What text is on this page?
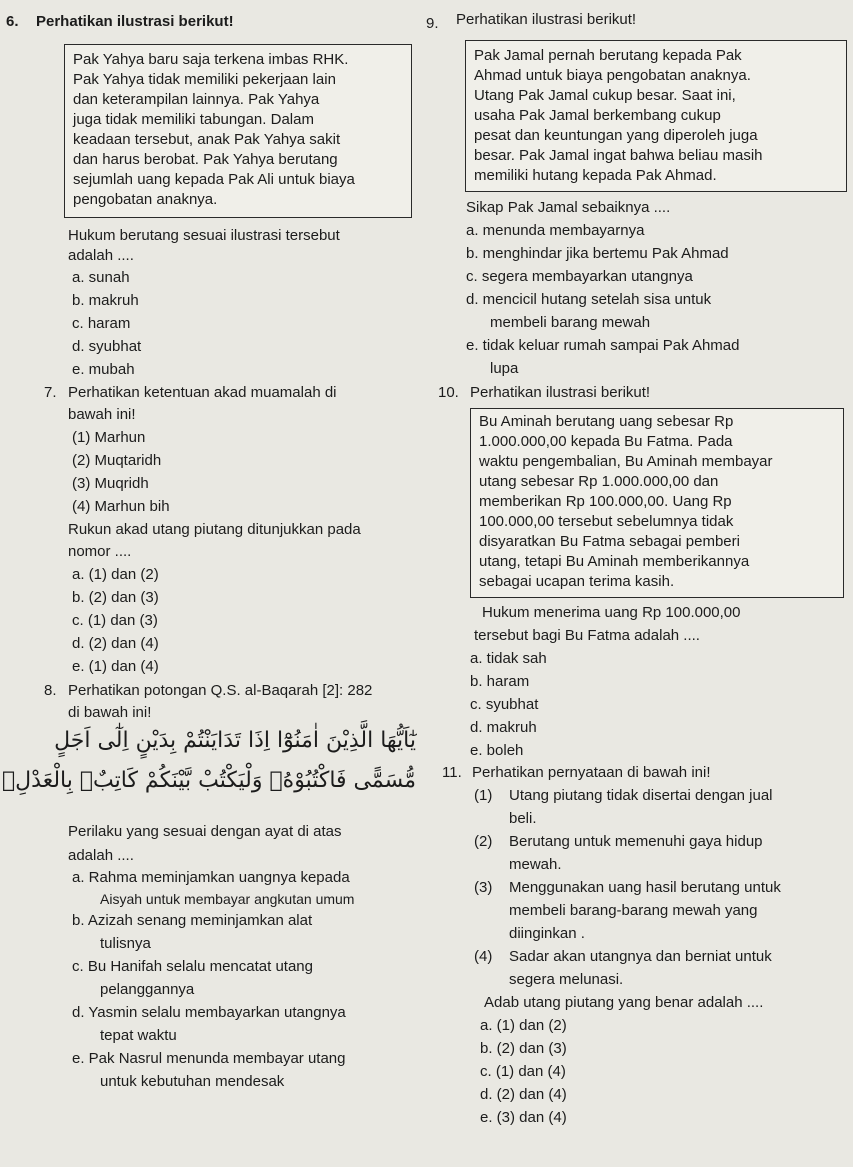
6. Perhatikan ilustrasi berikut!
Pak Yahya baru saja terkena imbas RHK.
Pak Yahya tidak memiliki pekerjaan lain
dan keterampilan lainnya. Pak Yahya
juga tidak memiliki tabungan. Dalam
keadaan tersebut, anak Pak Yahya sakit
dan harus berobat. Pak Yahya berutang
sejumlah uang kepada Pak Ali untuk biaya
pengobatan anaknya.
Hukum berutang sesuai ilustrasi tersebut
adalah ....
a. sunah
b. makruh
c. haram
d. syubhat
e. mubah
7. Perhatikan ketentuan akad muamalah di
bawah ini!
(1) Marhun
(2) Muqtaridh
(3) Muqridh
(4) Marhun bih
Rukun akad utang piutang ditunjukkan pada
nomor ....
a. (1) dan (2)
b. (2) dan (3)
c. (1) dan (3)
d. (2) dan (4)
e. (1) dan (4)
8. Perhatikan potongan Q.S. al-Baqarah [2]: 282
di bawah ini!
يٰٓاَيُّهَا الَّذِيْنَ اٰمَنُوْٓا اِذَا تَدَايَنْتُمْ بِدَيْنٍ اِلٰٓى اَجَلٍ
مُّسَمًّى فَاكْتُبُوْهُۗ وَلْيَكْتُبْ بَّيْنَكُمْ كَاتِبٌۢ بِالْعَدْلِۖ
Perilaku yang sesuai dengan ayat di atas
adalah ....
a. Rahma meminjamkan uangnya kepada
Aisyah untuk membayar angkutan umum
b. Azizah senang meminjamkan alat
tulisnya
c. Bu Hanifah selalu mencatat utang
pelanggannya
d. Yasmin selalu membayarkan utangnya
tepat waktu
e. Pak Nasrul menunda membayar utang
untuk kebutuhan mendesak
9. Perhatikan ilustrasi berikut!
Pak Jamal pernah berutang kepada Pak
Ahmad untuk biaya pengobatan anaknya.
Utang Pak Jamal cukup besar. Saat ini,
usaha Pak Jamal berkembang cukup
pesat dan keuntungan yang diperoleh juga
besar. Pak Jamal ingat bahwa beliau masih
memiliki hutang kepada Pak Ahmad.
Sikap Pak Jamal sebaiknya ....
a. menunda membayarnya
b. menghindar jika bertemu Pak Ahmad
c. segera membayarkan utangnya
d. mencicil hutang setelah sisa untuk
membeli barang mewah
e. tidak keluar rumah sampai Pak Ahmad
lupa
10. Perhatikan ilustrasi berikut!
Bu Aminah berutang uang sebesar Rp
1.000.000,00 kepada Bu Fatma. Pada
waktu pengembalian, Bu Aminah membayar
utang sebesar Rp 1.000.000,00 dan
memberikan Rp 100.000,00. Uang Rp
100.000,00 tersebut sebelumnya tidak
disyaratkan Bu Fatma sebagai pemberi
utang, tetapi Bu Aminah memberikannya
sebagai ucapan terima kasih.
Hukum menerima uang Rp 100.000,00
tersebut bagi Bu Fatma adalah ....
a. tidak sah
b. haram
c. syubhat
d. makruh
e. boleh
11. Perhatikan pernyataan di bawah ini!
(1) Utang piutang tidak disertai dengan jual
beli.
(2) Berutang untuk memenuhi gaya hidup
mewah.
(3) Menggunakan uang hasil berutang untuk
membeli barang-barang mewah yang
diinginkan .
(4) Sadar akan utangnya dan berniat untuk
segera melunasi.
Adab utang piutang yang benar adalah ....
a. (1) dan (2)
b. (2) dan (3)
c. (1) dan (4)
d. (2) dan (4)
e. (3) dan (4)
